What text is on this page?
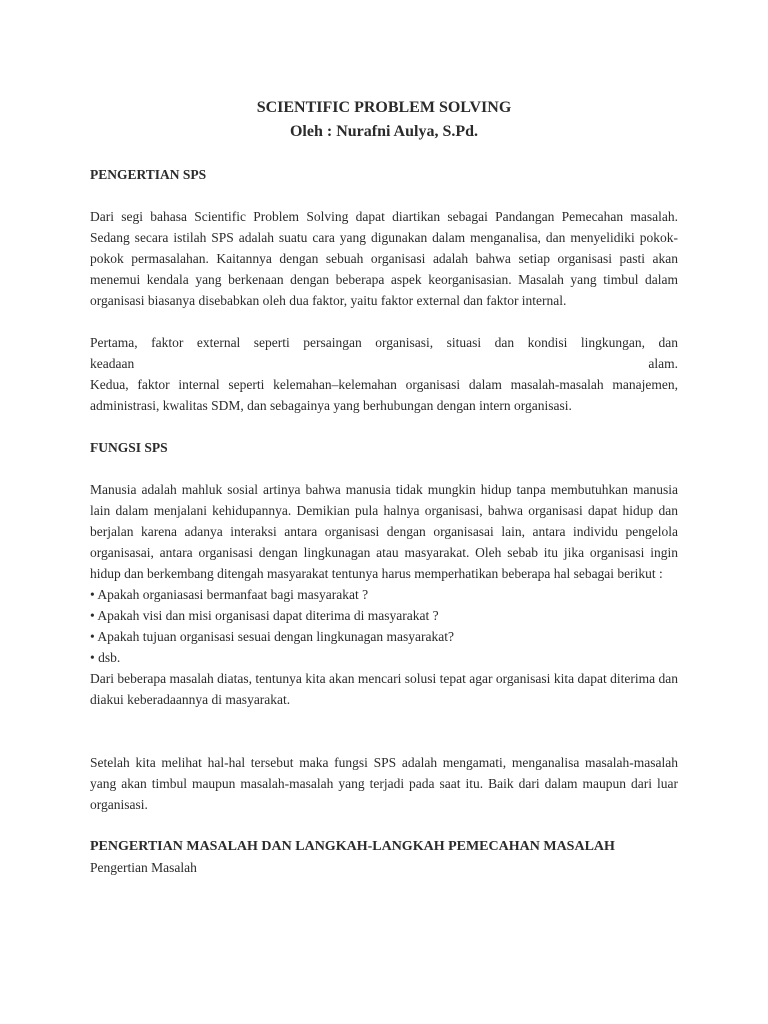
SCIENTIFIC PROBLEM SOLVING
Oleh : Nurafni Aulya, S.Pd.
PENGERTIAN SPS

Dari segi bahasa Scientific Problem Solving dapat diartikan sebagai Pandangan Pemecahan masalah. Sedang secara istilah SPS adalah suatu cara yang digunakan dalam menganalisa, dan menyelidiki pokok-pokok permasalahan. Kaitannya dengan sebuah organisasi adalah bahwa setiap organisasi pasti akan menemui kendala yang berkenaan dengan beberapa aspek keorganisasian. Masalah yang timbul dalam organisasi biasanya disebabkan oleh dua faktor, yaitu faktor external dan faktor internal.

Pertama, faktor external seperti persaingan organisasi, situasi dan kondisi lingkungan, dan

keadaan alam.

Kedua, faktor internal seperti kelemahan–kelemahan organisasi dalam masalah-masalah manajemen, administrasi, kwalitas SDM, dan sebagainya yang berhubungan dengan intern organisasi.

FUNGSI SPS

Manusia adalah mahluk sosial artinya bahwa manusia tidak mungkin hidup tanpa membutuhkan manusia lain dalam menjalani kehidupannya. Demikian pula halnya organisasi, bahwa organisasi dapat hidup dan berjalan karena adanya interaksi antara organisasi dengan organisasai lain, antara individu pengelola organisasai, antara organisasi dengan lingkunagan atau masyarakat. Oleh sebab itu jika organisasi ingin hidup dan berkembang ditengah masyarakat tentunya harus memperhatikan beberapa hal sebagai berikut :

• Apakah organiasasi bermanfaat bagi masyarakat ?

• Apakah visi dan misi organisasi dapat diterima di masyarakat ?

• Apakah tujuan organisasi sesuai dengan lingkunagan masyarakat?

• dsb.

Dari beberapa masalah diatas, tentunya kita akan mencari solusi tepat agar organisasi kita dapat diterima dan diakui keberadaannya di masyarakat.

Setelah kita melihat hal-hal tersebut maka fungsi SPS adalah mengamati, menganalisa masalah-masalah yang akan timbul maupun masalah-masalah yang terjadi pada saat itu. Baik dari dalam maupun dari luar organisasi.

PENGERTIAN MASALAH DAN LANGKAH-LANGKAH PEMECAHAN MASALAH
Pengertian Masalah
